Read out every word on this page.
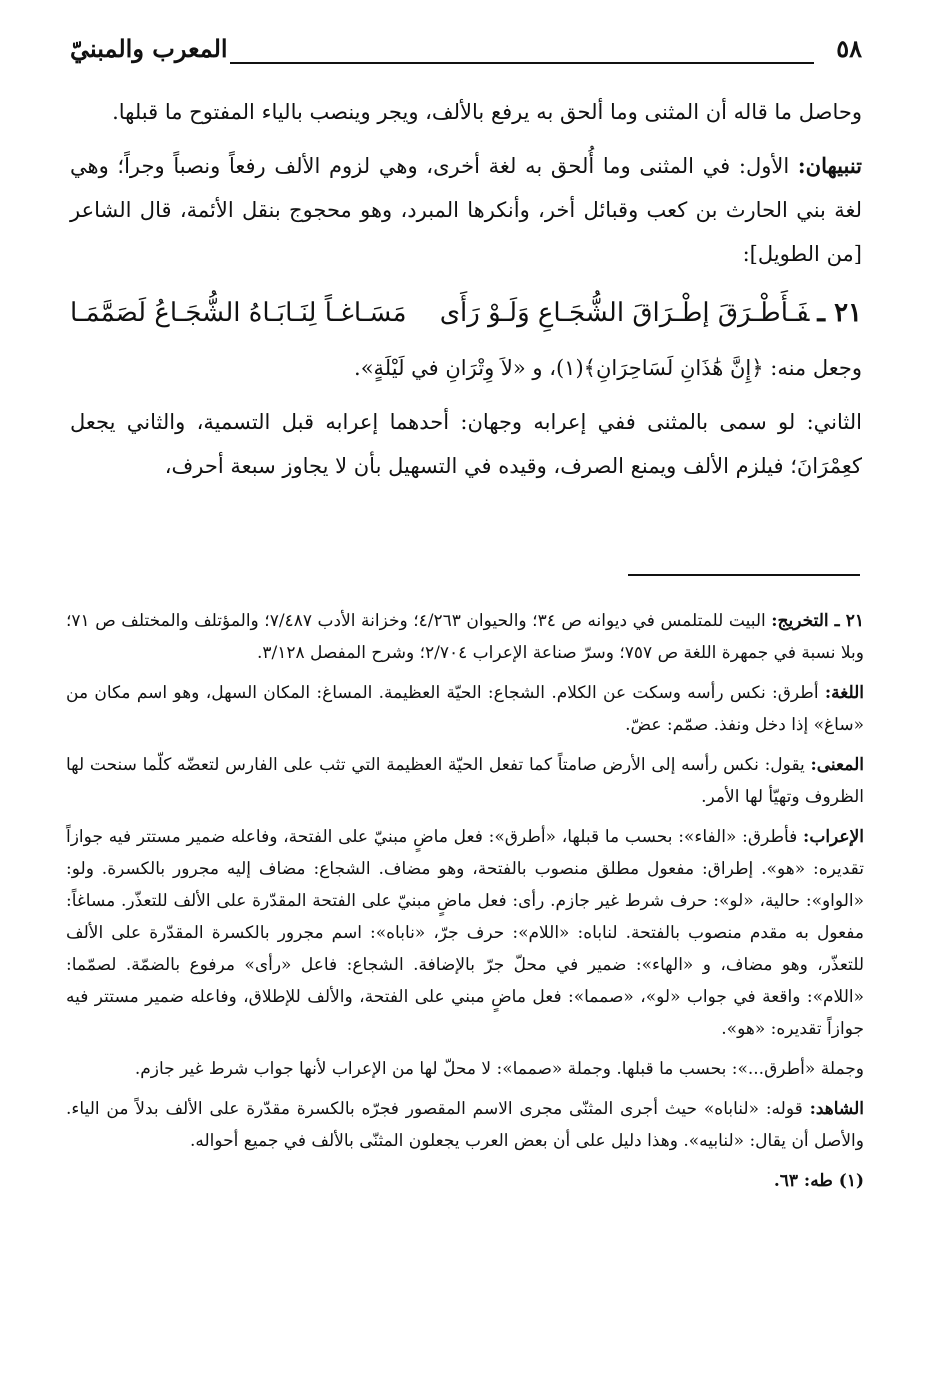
٥٨
المعرب والمبنيّ

وحاصل ما قاله أن المثنى وما ألحق به يرفع بالألف، ويجر وينصب بالياء المفتوح ما قبلها.

تنبيهان: الأول: في المثنى وما أُلحق به لغة أخرى، وهي لزوم الألف رفعاً ونصباً وجراً؛ وهي لغة بني الحارث بن كعب وقبائل أخر، وأنكرها المبرد، وهو محجوج بنقل الأئمة، قال الشاعر [من الطويل]:

٢١ ـفَـأَطْـرَقَ إطْـرَاقَ الشُّجَـاعِ وَلَـوْ رَأَى
مَسَـاغـاً لِنَـابَـاهُ الشُّجَـاعُ لَصَمَّمَـا

وجعل منه: ﴿إِنَّ هَٰذَانِ لَسَاحِرَانِ﴾(١)، و «لاَ وِتْرَانِ في لَيْلَةٍ».

الثاني: لو سمى بالمثنى ففي إعرابه وجهان: أحدهما إعرابه قبل التسمية، والثاني يجعل كعِمْرَانَ؛ فيلزم الألف ويمنع الصرف، وقيده في التسهيل بأن لا يجاوز سبعة أحرف،

٢١ ـ التخريج: البيت للمتلمس في ديوانه ص ٣٤؛ والحيوان ٤/٢٦٣؛ وخزانة الأدب ٧/٤٨٧؛ والمؤتلف والمختلف ص ٧١؛ وبلا نسبة في جمهرة اللغة ص ٧٥٧؛ وسرّ صناعة الإعراب ٢/٧٠٤؛ وشرح المفصل ٣/١٢٨.

اللغة: أطرق: نكس رأسه وسكت عن الكلام. الشجاع: الحيّة العظيمة. المساغ: المكان السهل، وهو اسم مكان من «ساغ» إذا دخل ونفذ. صمّم: عضّ.

المعنى: يقول: نكس رأسه إلى الأرض صامتاً كما تفعل الحيّة العظيمة التي تثب على الفارس لتعضّه كلّما سنحت لها الظروف وتهيّأ لها الأمر.

الإعراب: فأطرق: «الفاء»: بحسب ما قبلها، «أطرق»: فعل ماضٍ مبنيّ على الفتحة، وفاعله ضمير مستتر فيه جوازاً تقديره: «هو». إطراق: مفعول مطلق منصوب بالفتحة، وهو مضاف. الشجاع: مضاف إليه مجرور بالكسرة. ولو: «الواو»: حالية، «لو»: حرف شرط غير جازم. رأى: فعل ماضٍ مبنيّ على الفتحة المقدّرة على الألف للتعذّر. مساغاً: مفعول به مقدم منصوب بالفتحة. لناباه: «اللام»: حرف جرّ، «ناباه»: اسم مجرور بالكسرة المقدّرة على الألف للتعذّر، وهو مضاف، و «الهاء»: ضمير في محلّ جرّ بالإضافة. الشجاع: فاعل «رأى» مرفوع بالضمّة. لصمّما: «اللام»: واقعة في جواب «لو»، «صمما»: فعل ماضٍ مبني على الفتحة، والألف للإطلاق، وفاعله ضمير مستتر فيه جوازاً تقديره: «هو».

وجملة «أطرق...»: بحسب ما قبلها. وجملة «صمما»: لا محلّ لها من الإعراب لأنها جواب شرط غير جازم.

الشاهد: قوله: «لناباه» حيث أجرى المثنّى مجرى الاسم المقصور فجرّه بالكسرة مقدّرة على الألف بدلاً من الياء. والأصل أن يقال: «لنابيه». وهذا دليل على أن بعض العرب يجعلون المثنّى بالألف في جميع أحواله.

(١) طه: ٦٣.
